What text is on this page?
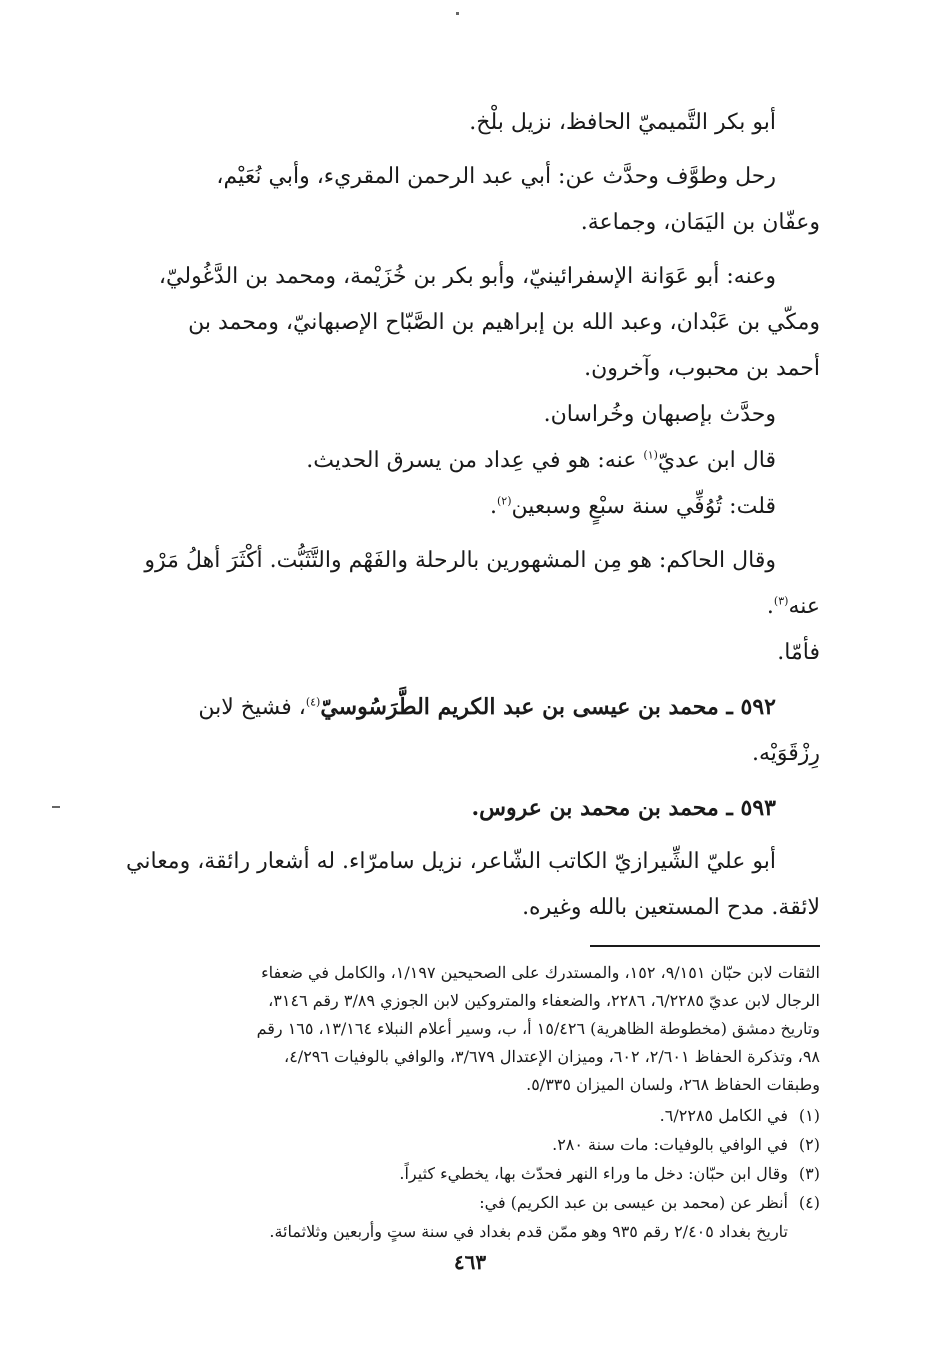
أبو بكر التَّميميّ الحافظ، نزيل بلْخ.

رحل وطوَّف وحدَّث عن: أبي عبد الرحمن المقريء، وأبي نُعَيْم،

وعفّان بن اليَمَان، وجماعة.

وعنه: أبو عَوَانة الإسفرائينيّ، وأبو بكر بن خُزَيْمة، ومحمد بن الدَّغُوليّ،

ومكّي بن عَبْدان، وعبد الله بن إبراهيم بن الصَّبّاح الإصبهانيّ، ومحمد بن

أحمد بن محبوب، وآخرون.

وحدَّث بإصبهان وخُراسان.

قال ابن عديّ$^{(١)}$ عنه: هو في عِداد من يسرق الحديث.

قلت: تُوُفِّي سنة سبْعٍ وسبعين$^{(٢)}$.

وقال الحاكم: هو مِن المشهورين بالرحلة والفَهْم والتَّثَبُّت. أكْثَرَ أهلُ مَرْو

عنه$^{(٣)}$.

فأمّا.

٥٩٢ ـ محمد بن عيسى بن عبد الكريم الطَّرَسُوسيّ$^{(٤)}$، فشيخ لابن

رِزْقَوَيْه.

٥٩٣ ـ محمد بن محمد بن عروس.

أبو عليّ الشِّيرازيّ الكاتب الشّاعر، نزيل سامرّاء. له أشعار رائقة، ومعاني

لائقة. مدح المستعين بالله وغيره.

الثقات لابن حبّان ٩/١٥١، ١٥٢، والمستدرك على الصحيحين ١/١٩٧، والكامل في ضعفاء

الرجال لابن عديّ ٦/٢٢٨٥، ٢٢٨٦، والضعفاء والمتروكين لابن الجوزي ٣/٨٩ رقم ٣١٤٦،

وتاريخ دمشق (مخطوطة الظاهرية) ١٥/٤٢٦ أ، ب، وسير أعلام النبلاء ١٣/١٦٤، ١٦٥ رقم

٩٨، وتذكرة الحفاظ ٢/٦٠١، ٦٠٢، وميزان الإعتدال ٣/٦٧٩، والوافي بالوفيات ٤/٢٩٦،

وطبقات الحفاظ ٢٦٨، ولسان الميزان ٥/٣٣٥.

(١)
في الكامل ٦/٢٢٨٥.
(٢)
في الوافي بالوفيات: مات سنة ٢٨٠.
(٣)
وقال ابن حبّان: دخل ما وراء النهر فحدّث بها، يخطيء كثيراً.
(٤)
أنظر عن (محمد بن عيسى بن عبد الكريم) في:
تاريخ بغداد ٢/٤٠٥ رقم ٩٣٥ وهو ممّن قدم بغداد في سنة ستٍ وأربعين وثلاثمائة.
٤٦٣
